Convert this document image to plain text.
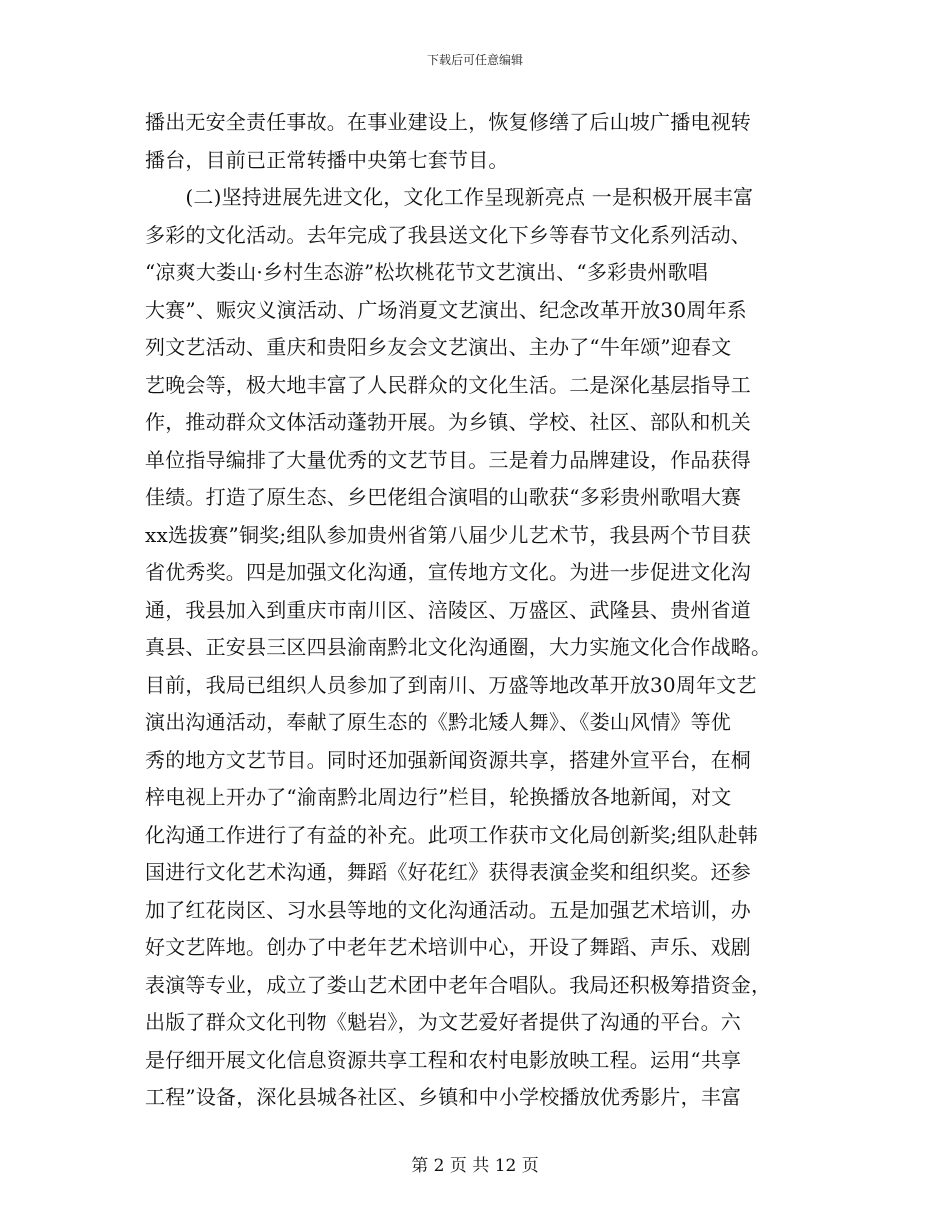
下载后可任意编辑
播出无安全责任事故。在事业建设上，恢复修缮了后山坡广播电视转
播台，目前已正常转播中央第七套节目。
　　(二)坚持进展先进文化，文化工作呈现新亮点 一是积极开展丰富
多彩的文化活动。去年完成了我县送文化下乡等春节文化系列活动、
“凉爽大娄山·乡村生态游”松坎桃花节文艺演出、“多彩贵州歌唱
大赛”、赈灾义演活动、广场消夏文艺演出、纪念改革开放30周年系
列文艺活动、重庆和贵阳乡友会文艺演出、主办了“牛年颂”迎春文
艺晚会等，极大地丰富了人民群众的文化生活。二是深化基层指导工
作，推动群众文体活动蓬勃开展。为乡镇、学校、社区、部队和机关
单位指导编排了大量优秀的文艺节目。三是着力品牌建设，作品获得
佳绩。打造了原生态、乡巴佬组合演唱的山歌获“多彩贵州歌唱大赛
xx选拔赛”铜奖;组队参加贵州省第八届少儿艺术节，我县两个节目获
省优秀奖。四是加强文化沟通，宣传地方文化。为进一步促进文化沟
通，我县加入到重庆市南川区、涪陵区、万盛区、武隆县、贵州省道
真县、正安县三区四县渝南黔北文化沟通圈，大力实施文化合作战略。
目前，我局已组织人员参加了到南川、万盛等地改革开放30周年文艺
演出沟通活动，奉献了原生态的《黔北矮人舞》、《娄山风情》等优
秀的地方文艺节目。同时还加强新闻资源共享，搭建外宣平台，在桐
梓电视上开办了“渝南黔北周边行”栏目，轮换播放各地新闻，对文
化沟通工作进行了有益的补充。此项工作获市文化局创新奖;组队赴韩
国进行文化艺术沟通，舞蹈《好花红》获得表演金奖和组织奖。还参
加了红花岗区、习水县等地的文化沟通活动。五是加强艺术培训，办
好文艺阵地。创办了中老年艺术培训中心，开设了舞蹈、声乐、戏剧
表演等专业，成立了娄山艺术团中老年合唱队。我局还积极筹措资金，
出版了群众文化刊物《魁岩》，为文艺爱好者提供了沟通的平台。六
是仔细开展文化信息资源共享工程和农村电影放映工程。运用“共享
工程”设备，深化县城各社区、乡镇和中小学校播放优秀影片，丰富
第 2 页 共 12 页
